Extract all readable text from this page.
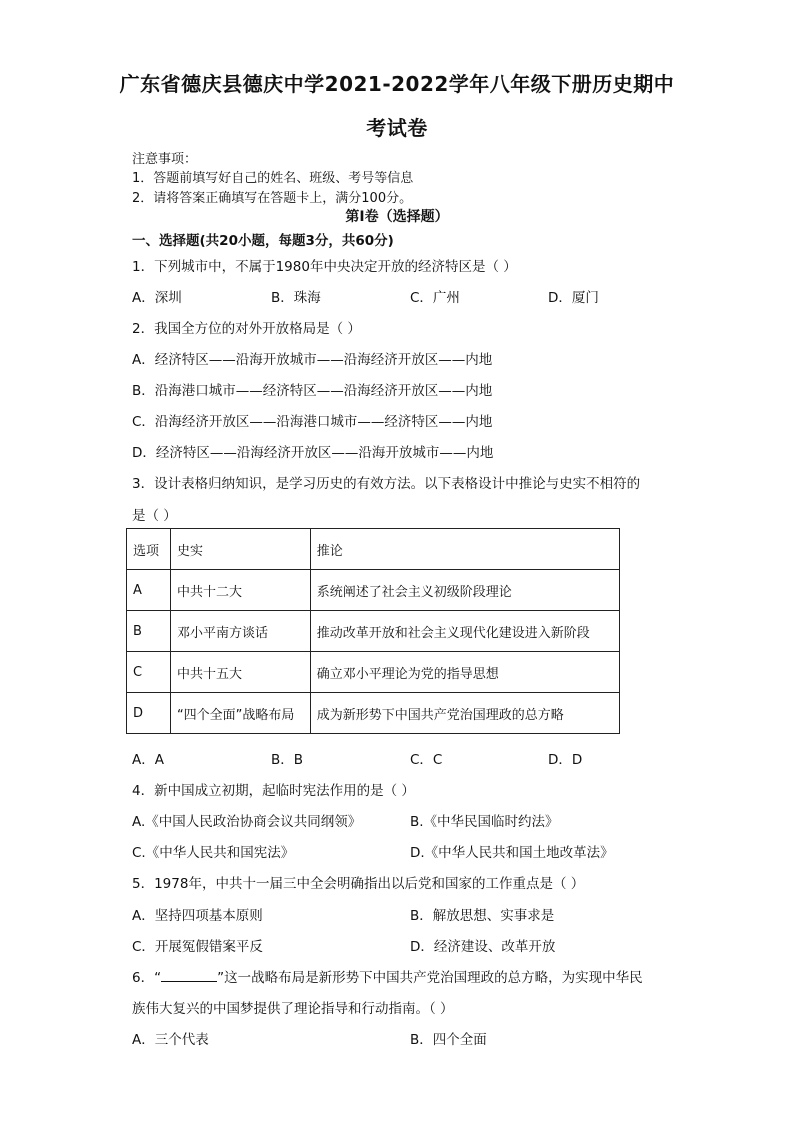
广东省德庆县德庆中学2021-2022学年八年级下册历史期中
考试卷
注意事项：
1．答题前填写好自己的姓名、班级、考号等信息
2．请将答案正确填写在答题卡上，满分100分。
第I卷（选择题）
一、选择题(共20小题，每题3分，共60分)
1．下列城市中，不属于1980年中央决定开放的经济特区是（ ）
A．深圳	B．珠海	C．广州	D．厦门
2．我国全方位的对外开放格局是（ ）
A．经济特区——沿海开放城市——沿海经济开放区——内地
B．沿海港口城市——经济特区——沿海经济开放区——内地
C．沿海经济开放区——沿海港口城市——经济特区——内地
D．经济特区——沿海经济开放区——沿海开放城市——内地
3．设计表格归纳知识，是学习历史的有效方法。以下表格设计中推论与史实不相符的
是（ ）
选项	史实	推论
A	中共十二大	系统阐述了社会主义初级阶段理论
B	邓小平南方谈话	推动改革开放和社会主义现代化建设进入新阶段
C	中共十五大	确立邓小平理论为党的指导思想
D	“四个全面”战略布局	成为新形势下中国共产党治国理政的总方略
A．A	B．B	C．C	D．D
4．新中国成立初期，起临时宪法作用的是（ ）
A.《中国人民政治协商会议共同纲领》	B.《中华民国临时约法》
C.《中华人民共和国宪法》	D.《中华人民共和国土地改革法》
5．1978年，中共十一届三中全会明确指出以后党和国家的工作重点是（ ）
A．坚持四项基本原则	B．解放思想、实事求是
C．开展冤假错案平反	D．经济建设、改革开放
6．“	”这一战略布局是新形势下中国共产党治国理政的总方略，为实现中华民
族伟大复兴的中国梦提供了理论指导和行动指南。（ ）
A．三个代表	B．四个全面
